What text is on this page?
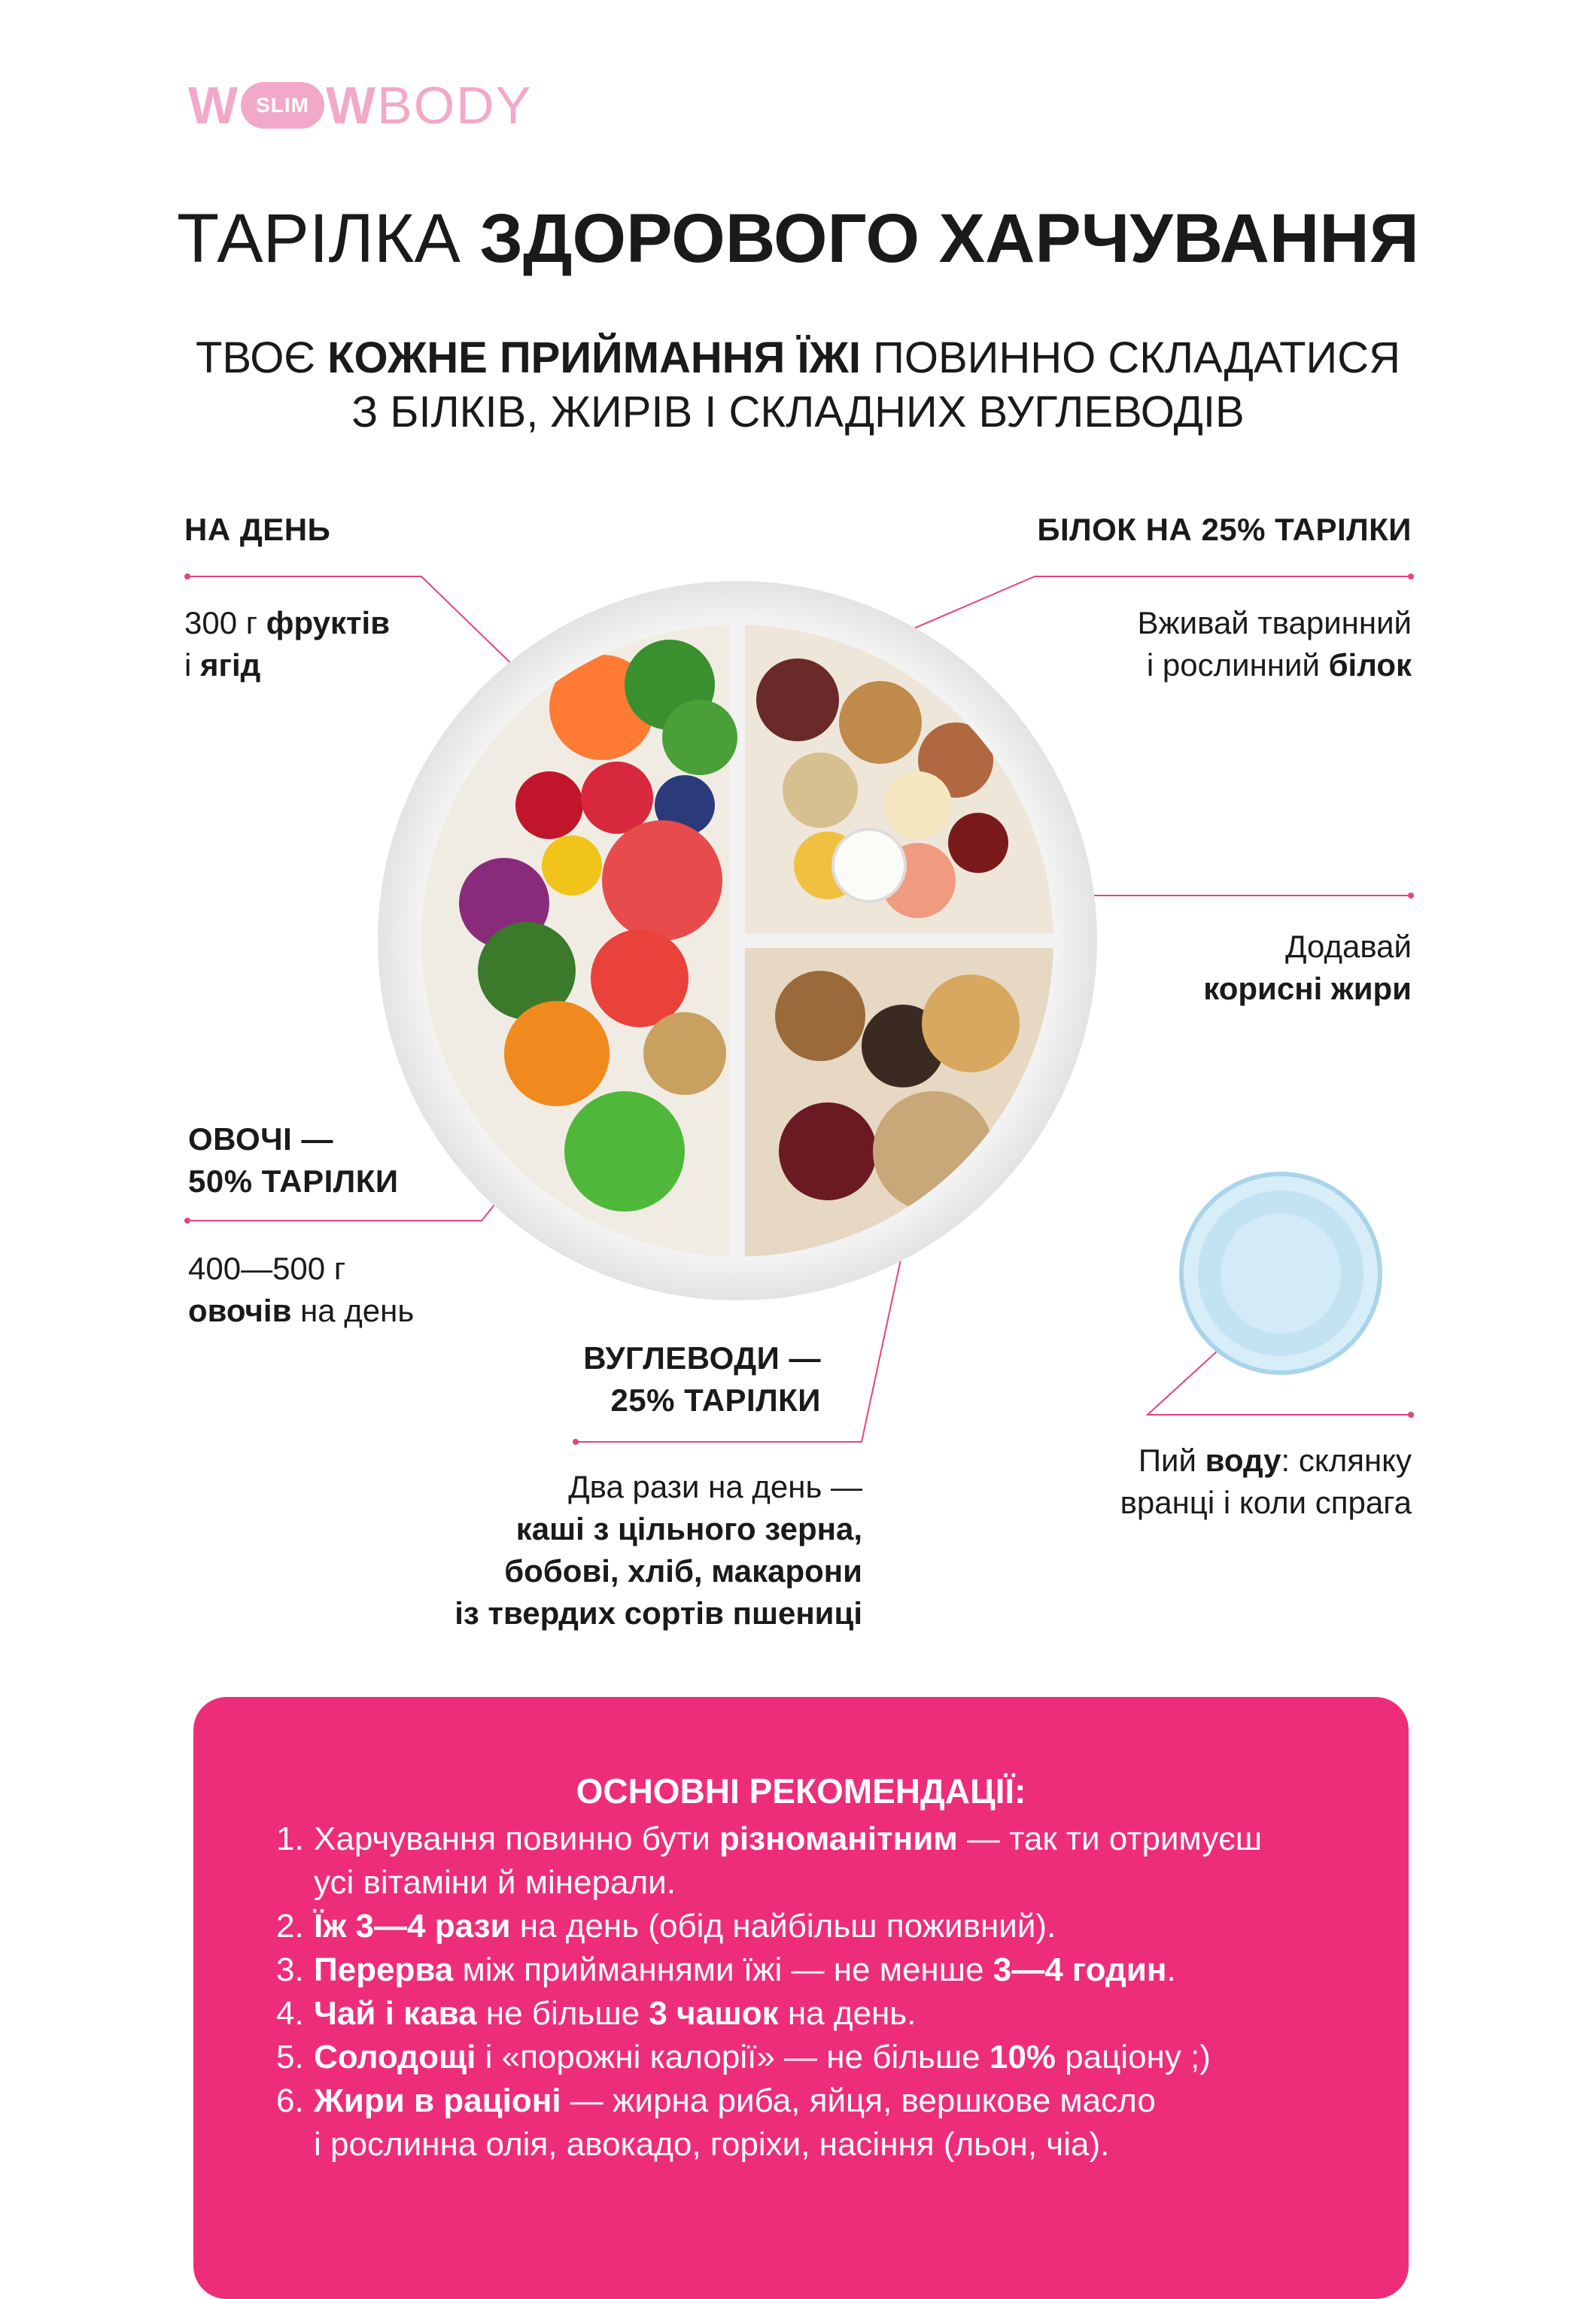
W SLIM W BODY
ТАРІЛКА ЗДОРОВОГО ХАРЧУВАННЯ
ТВОЄ КОЖНЕ ПРИЙМАННЯ ЇЖІ ПОВИННО СКЛАДАТИСЯ
З БІЛКІВ, ЖИРІВ І СКЛАДНИХ ВУГЛЕВОДІВ
НА ДЕНЬ
300 г фруктів
і ягід
БІЛОК НА 25% ТАРІЛКИ
Вживай тваринний
і рослинний білок
Додавай
корисні жири
ОВОЧІ —
50% ТАРІЛКИ
400—500 г
овочів на день
ВУГЛЕВОДИ —
25% ТАРІЛКИ
Два рази на день —
каші з цільного зерна,
бобові, хліб, макарони
із твердих сортів пшениці
Пий воду: склянку
вранці і коли спрага
ОСНОВНІ РЕКОМЕНДАЦІЇ:
1. Харчування повинно бути різноманітним — так ти отримуєш
усі вітаміни й мінерали.
2. Їж 3—4 рази на день (обід найбільш поживний).
3. Перерва між прийманнями їжі — не менше 3—4 годин.
4. Чай і кава не більше 3 чашок на день.
5. Солодощі і «порожні калорії» — не більше 10% раціону ;)
6. Жири в раціоні — жирна риба, яйця, вершкове масло
і рослинна олія, авокадо, горіхи, насіння (льон, чіа).
